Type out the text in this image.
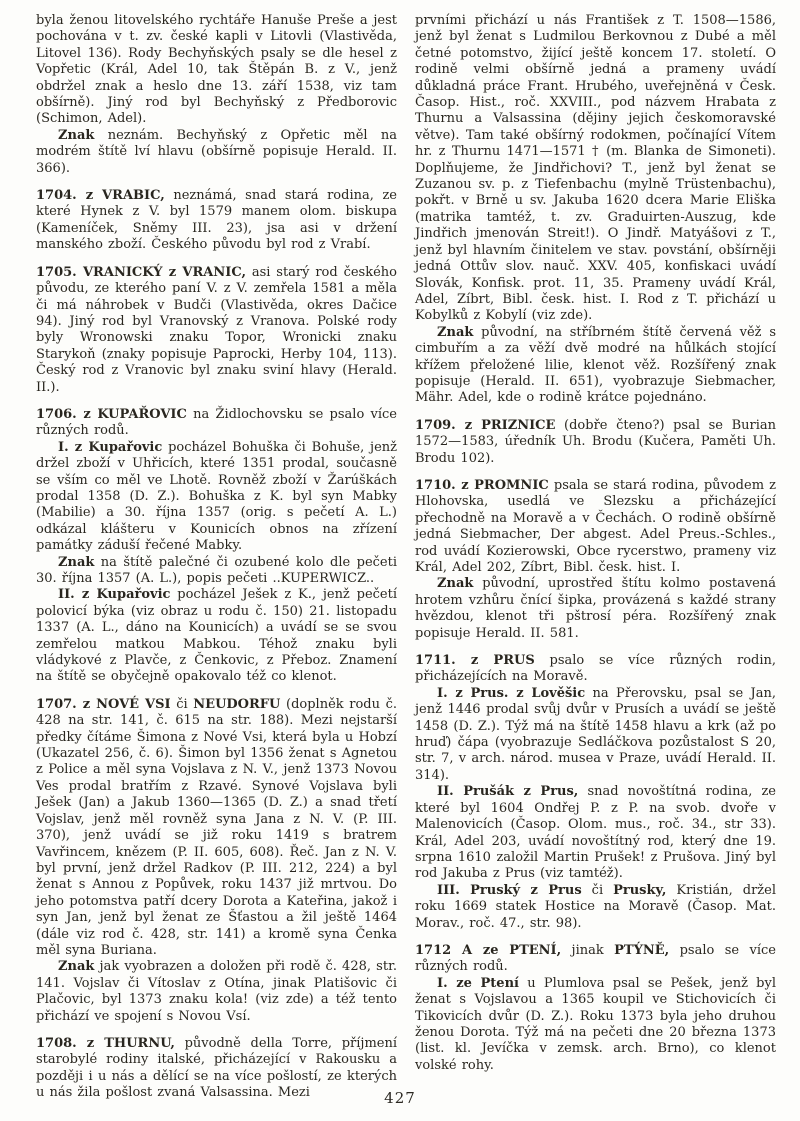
byla ženou litovelského rychtáře Hanuše Preše a jest pochována v t. zv. české kapli v Litovli (Vlastivěda, Litovel 136). Rody Bechyňských psaly se dle hesel z Vopřetic (Král, Adel 10, tak Štěpán B. z V., jenž obdržel znak a heslo dne 13. září 1538, viz tam obšírně). Jiný rod byl Bechyňský z Předborovic (Schimon, Adel).

Znak neznám. Bechyňský z Opřetic měl na modrém štítě lví hlavu (obšírně popisuje Herald. II. 366).

1704. z VRABIC, neznámá, snad stará rodina, ze které Hynek z V. byl 1579 manem olom. biskupa (Kameníček, Sněmy III. 23), jsa asi v držení manského zboží. Českého původu byl rod z Vrabí.

1705. VRANICKÝ z VRANIC, asi starý rod českého původu, ze kterého paní V. z V. zemřela 1581 a měla či má náhrobek v Budči (Vlastivěda, okres Dačice 94). Jiný rod byl Vranovský z Vranova. Polské rody byly Wronowski znaku Topor, Wronicki znaku Starykoň (znaky popisuje Paprocki, Herby 104, 113). Český rod z Vranovic byl znaku sviní hlavy (Herald. II.).

1706. z KUPAŘOVIC na Židlochovsku se psalo více různých rodů.

I. z Kupařovic pocházel Bohuška či Bohuše, jenž držel zboží v Uhřicích, které 1351 prodal, současně se vším co měl ve Lhotě. Rovněž zboží v Žarúškách prodal 1358 (D. Z.). Bohuška z K. byl syn Mabky (Mabilie) a 30. října 1357 (orig. s pečetí A. L.) odkázal klášteru v Kounicích obnos na zřízení památky záduší řečené Mabky.

Znak na štítě palečné či ozubené kolo dle pečeti 30. října 1357 (A. L.), popis pečeti ..KUPERWICZ..

II. z Kupařovic pocházel Ješek z K., jenž pečetí polovicí býka (viz obraz u rodu č. 150) 21. listopadu 1337 (A. L., dáno na Kounicích) a uvádí se se svou zemřelou matkou Mabkou. Téhož znaku byli vládykové z Plavče, z Čenkovic, z Přeboz. Znamení na štítě se obyčejně opakovalo též co klenot.

1707. z NOVÉ VSI či NEUDORFU (doplněk rodu č. 428 na str. 141, č. 615 na str. 188). Mezi nejstarší předky čítáme Šimona z Nové Vsi, která byla u Hobzí (Ukazatel 256, č. 6). Šimon byl 1356 ženat s Agnetou z Police a měl syna Vojslava z N. V., jenž 1373 Novou Ves prodal bratřím z Rzavé. Synové Vojslava byli Ješek (Jan) a Jakub 1360—1365 (D. Z.) a snad třetí Vojslav, jenž měl rovněž syna Jana z N. V. (P. III. 370), jenž uvádí se již roku 1419 s bratrem Vavřincem, knězem (P. II. 605, 608). Řeč. Jan z N. V. byl první, jenž držel Radkov (P. III. 212, 224) a byl ženat s Annou z Popůvek, roku 1437 již mrtvou. Do jeho potomstva patří dcery Dorota a Kateřina, jakož i syn Jan, jenž byl ženat ze Šťastou a žil ještě 1464 (dále viz rod č. 428, str. 141) a kromě syna Čenka měl syna Buriana.

Znak jak vyobrazen a doložen při rodě č. 428, str. 141. Vojslav či Vítoslav z Otína, jinak Platišovic či Plačovic, byl 1373 znaku kola! (viz zde) a též tento přichází ve spojení s Novou Vsí.

1708. z THURNU, původně della Torre, příjmení starobylé rodiny italské, přicházející v Rakousku a později i u nás a dělící se na více pošlostí, ze kterých u nás žila pošlost zvaná Valsassina. Mezi

prvními přichází u nás František z T. 1508—1586, jenž byl ženat s Ludmilou Berkovnou z Dubé a měl četné potomstvo, žijící ještě koncem 17. století. O rodině velmi obšírně jedná a prameny uvádí důkladná práce Frant. Hrubého, uveřejněná v Česk. Časop. Hist., roč. XXVIII., pod názvem Hrabata z Thurnu a Valsassina (dějiny jejich českomoravské větve). Tam také obšírný rodokmen, počínající Vítem hr. z Thurnu 1471—1571 † (m. Blanka de Simoneti). Doplňujeme, že Jindřichovi? T., jenž byl ženat se Zuzanou sv. p. z Tiefenbachu (mylně Trüstenbachu), pokřt. v Brně u sv. Jakuba 1620 dcera Marie Eliška (matrika tamtéž, t. zv. Graduirten-Auszug, kde Jindřich jmenován Streit!). O Jindř. Matyášovi z T., jenž byl hlavním činitelem ve stav. povstání, obšírněji jedná Ottův slov. nauč. XXV. 405, konfiskaci uvádí Slovák, Konfisk. prot. 11, 35. Prameny uvádí Král, Adel, Zíbrt, Bibl. česk. hist. I. Rod z T. přichází u Kobylků z Kobylí (viz zde).

Znak původní, na stříbrném štítě červená věž s cimbuřím a za věží dvě modré na hůlkách stojící křížem přeložené lilie, klenot věž. Rozšířený znak popisuje (Herald. II. 651), vyobrazuje Siebmacher, Mähr. Adel, kde o rodině krátce pojednáno.

1709. z PRIZNICE (dobře čteno?) psal se Burian 1572—1583, úředník Uh. Brodu (Kučera, Paměti Uh. Brodu 102).

1710. z PROMNIC psala se stará rodina, původem z Hlohovska, usedlá ve Slezsku a přicházející přechodně na Moravě a v Čechách. O rodině obšírně jedná Siebmacher, Der abgest. Adel Preus.-Schles., rod uvádí Kozierowski, Obce rycerstwo, prameny viz Král, Adel 202, Zíbrt, Bibl. česk. hist. I.

Znak původní, uprostřed štítu kolmo postavená hrotem vzhůru čnící šipka, provázená s každé strany hvězdou, klenot tři pštrosí péra. Rozšířený znak popisuje Herald. II. 581.

1711. z PRUS psalo se více různých rodin, přicházejících na Moravě.

I. z Prus. z Lověšic na Přerovsku, psal se Jan, jenž 1446 prodal svůj dvůr v Prusích a uvádí se ještě 1458 (D. Z.). Týž má na štítě 1458 hlavu a krk (až po hruď) čápa (vyobrazuje Sedláčkova pozůstalost S 20, str. 7, v arch. národ. musea v Praze, uvádí Herald. II. 314).

II. Prušák z Prus, snad novoštítná rodina, ze které byl 1604 Ondřej P. z P. na svob. dvoře v Malenovicích (Časop. Olom. mus., roč. 34., str 33). Král, Adel 203, uvádí novoštítný rod, který dne 19. srpna 1610 založil Martin Prušek! z Prušova. Jiný byl rod Jakuba z Prus (viz tamtéž).

III. Pruský z Prus či Prusky, Kristián, držel roku 1669 statek Hostice na Moravě (Časop. Mat. Morav., roč. 47., str. 98).

1712 A ze PTENÍ, jinak PTÝNĚ, psalo se více různých rodů.

I. ze Ptení u Plumlova psal se Pešek, jenž byl ženat s Vojslavou a 1365 koupil ve Stichovicích či Tikovicích dvůr (D. Z.). Roku 1373 byla jeho druhou ženou Dorota. Týž má na pečeti dne 20 března 1373 (list. kl. Jevíčka v zemsk. arch. Brno), co klenot volské rohy.

427
